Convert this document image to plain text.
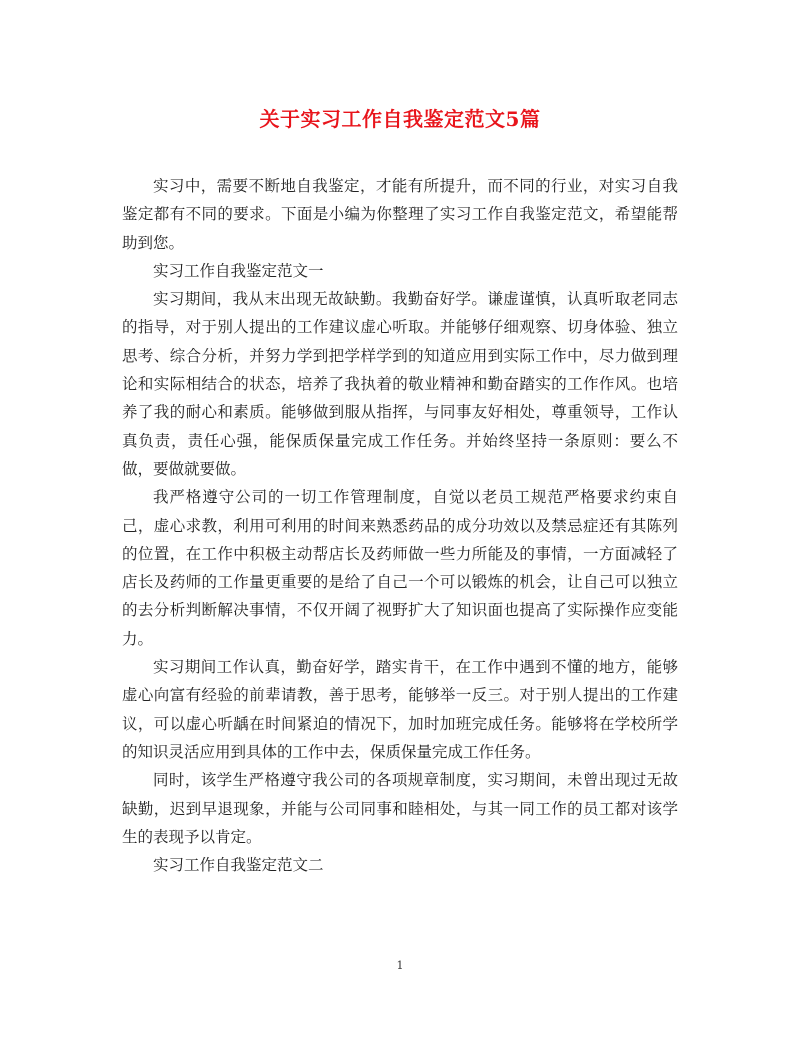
关于实习工作自我鉴定范文5篇

实习中，需要不断地自我鉴定，才能有所提升，而不同的行业，对实习自我鉴定都有不同的要求。下面是小编为你整理了实习工作自我鉴定范文，希望能帮助到您。

实习工作自我鉴定范文一

实习期间，我从末出现无故缺勤。我勤奋好学。谦虚谨慎，认真听取老同志的指导，对于别人提出的工作建议虚心听取。并能够仔细观察、切身体验、独立思考、综合分析，并努力学到把学样学到的知道应用到实际工作中，尽力做到理论和实际相结合的状态，培养了我执着的敬业精神和勤奋踏实的工作作风。也培养了我的耐心和素质。能够做到服从指挥，与同事友好相处，尊重领导，工作认真负责，责任心强，能保质保量完成工作任务。并始终坚持一条原则：要么不做，要做就要做。

我严格遵守公司的一切工作管理制度，自觉以老员工规范严格要求约束自己，虚心求教，利用可利用的时间来熟悉药品的成分功效以及禁忌症还有其陈列的位置，在工作中积极主动帮店长及药师做一些力所能及的事情，一方面减轻了店长及药师的工作量更重要的是给了自己一个可以锻炼的机会，让自己可以独立的去分析判断解决事情，不仅开阔了视野扩大了知识面也提高了实际操作应变能力。

实习期间工作认真，勤奋好学，踏实肯干，在工作中遇到不懂的地方，能够虚心向富有经验的前辈请教，善于思考，能够举一反三。对于别人提出的工作建议，可以虚心听龋在时间紧迫的情况下，加时加班完成任务。能够将在学校所学的知识灵活应用到具体的工作中去，保质保量完成工作任务。

同时，该学生严格遵守我公司的各项规章制度，实习期间，未曾出现过无故缺勤，迟到早退现象，并能与公司同事和睦相处，与其一同工作的员工都对该学生的表现予以肯定。

实习工作自我鉴定范文二

1
